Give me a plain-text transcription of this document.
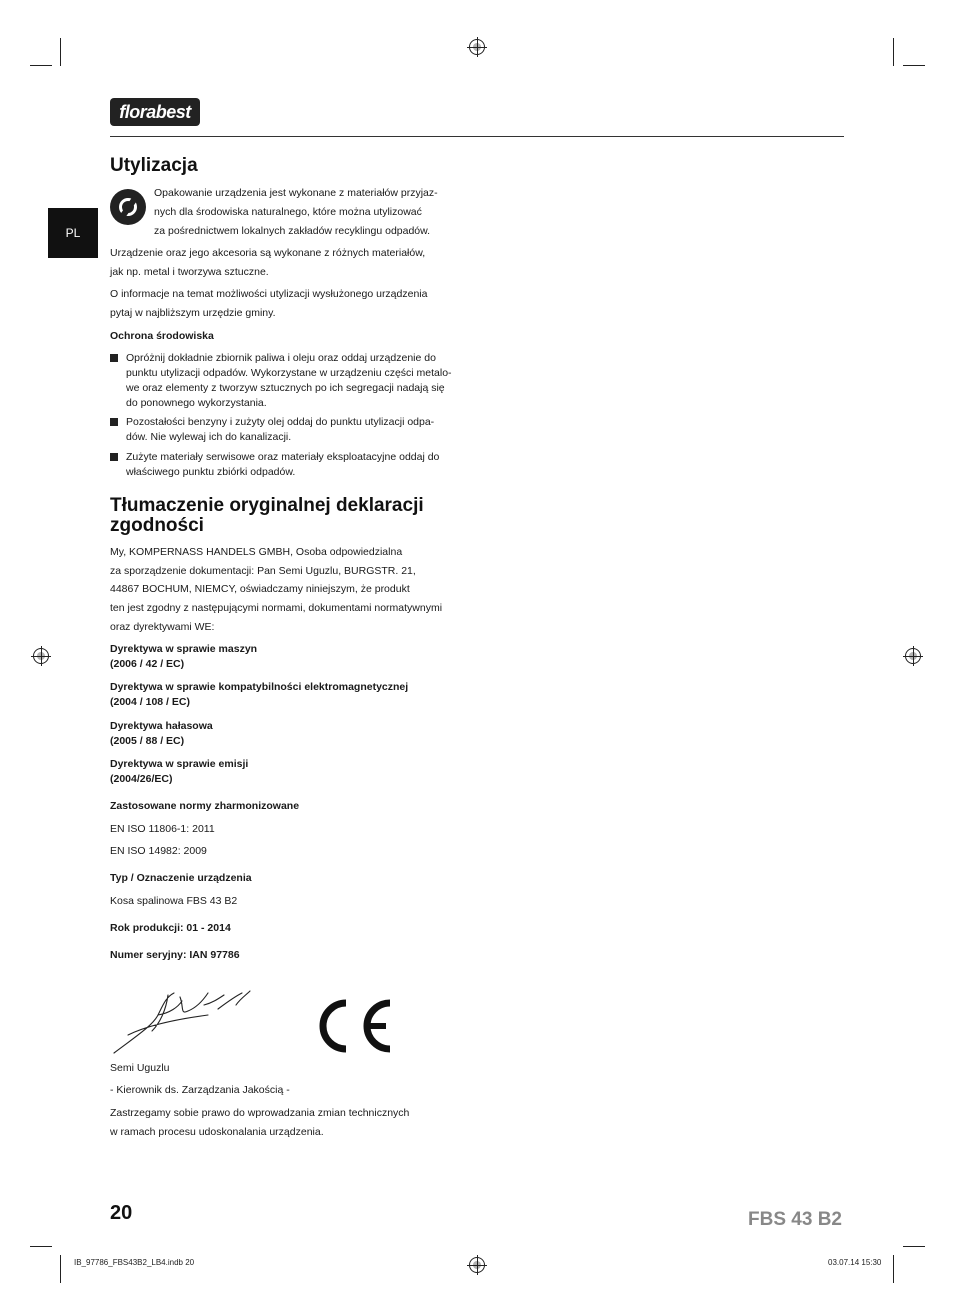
florabest
PL
Utylizacja
Opakowanie urządzenia jest wykonane z materiałów przyjaz-
nych dla środowiska naturalnego, które można utylizować
za pośrednictwem lokalnych zakładów recyklingu odpadów.
Urządzenie oraz jego akcesoria są wykonane z różnych materiałów,
jak np. metal i tworzywa sztuczne.
O informacje na temat możliwości utylizacji wysłużonego urządzenia
pytaj w najbliższym urzędzie gminy.
Ochrona środowiska
Opróżnij dokładnie zbiornik paliwa i oleju oraz oddaj urządzenie do
punktu utylizacji odpadów. Wykorzystane w urządzeniu części metalo-
we oraz elementy z tworzyw sztucznych po ich segregacji nadają się
do ponownego wykorzystania.
Pozostałości benzyny i zużyty olej oddaj do punktu utylizacji odpa-
dów. Nie wylewaj ich do kanalizacji.
Zużyte materiały serwisowe oraz materiały eksploatacyjne oddaj do
właściwego punktu zbiórki odpadów.
Tłumaczenie oryginalnej deklaracji
zgodności
My, KOMPERNASS HANDELS GMBH, Osoba odpowiedzialna
za sporządzenie dokumentacji: Pan Semi Uguzlu, BURGSTR. 21,
44867 BOCHUM, NIEMCY, oświadczamy niniejszym, że produkt
ten jest zgodny z następującymi normami, dokumentami normatywnymi
oraz dyrektywami WE:
Dyrektywa w sprawie maszyn
(2006 / 42 / EC)
Dyrektywa w sprawie kompatybilności elektromagnetycznej
(2004 / 108 / EC)
Dyrektywa hałasowa
(2005 / 88 / EC)
Dyrektywa w sprawie emisji
(2004/26/EC)
Zastosowane normy zharmonizowane
EN ISO 11806-1: 2011
EN ISO 14982: 2009
Typ / Oznaczenie urządzenia
Kosa spalinowa FBS 43 B2
Rok produkcji: 01 - 2014
Numer seryjny: IAN 97786
Semi Uguzlu
- Kierownik ds. Zarządzania Jakością -
Zastrzegamy sobie prawo do wprowadzania zmian technicznych
w ramach procesu udoskonalania urządzenia.
20	FBS 43 B2
IB_97786_FBS43B2_LB4.indb 20	03.07.14 15:30
